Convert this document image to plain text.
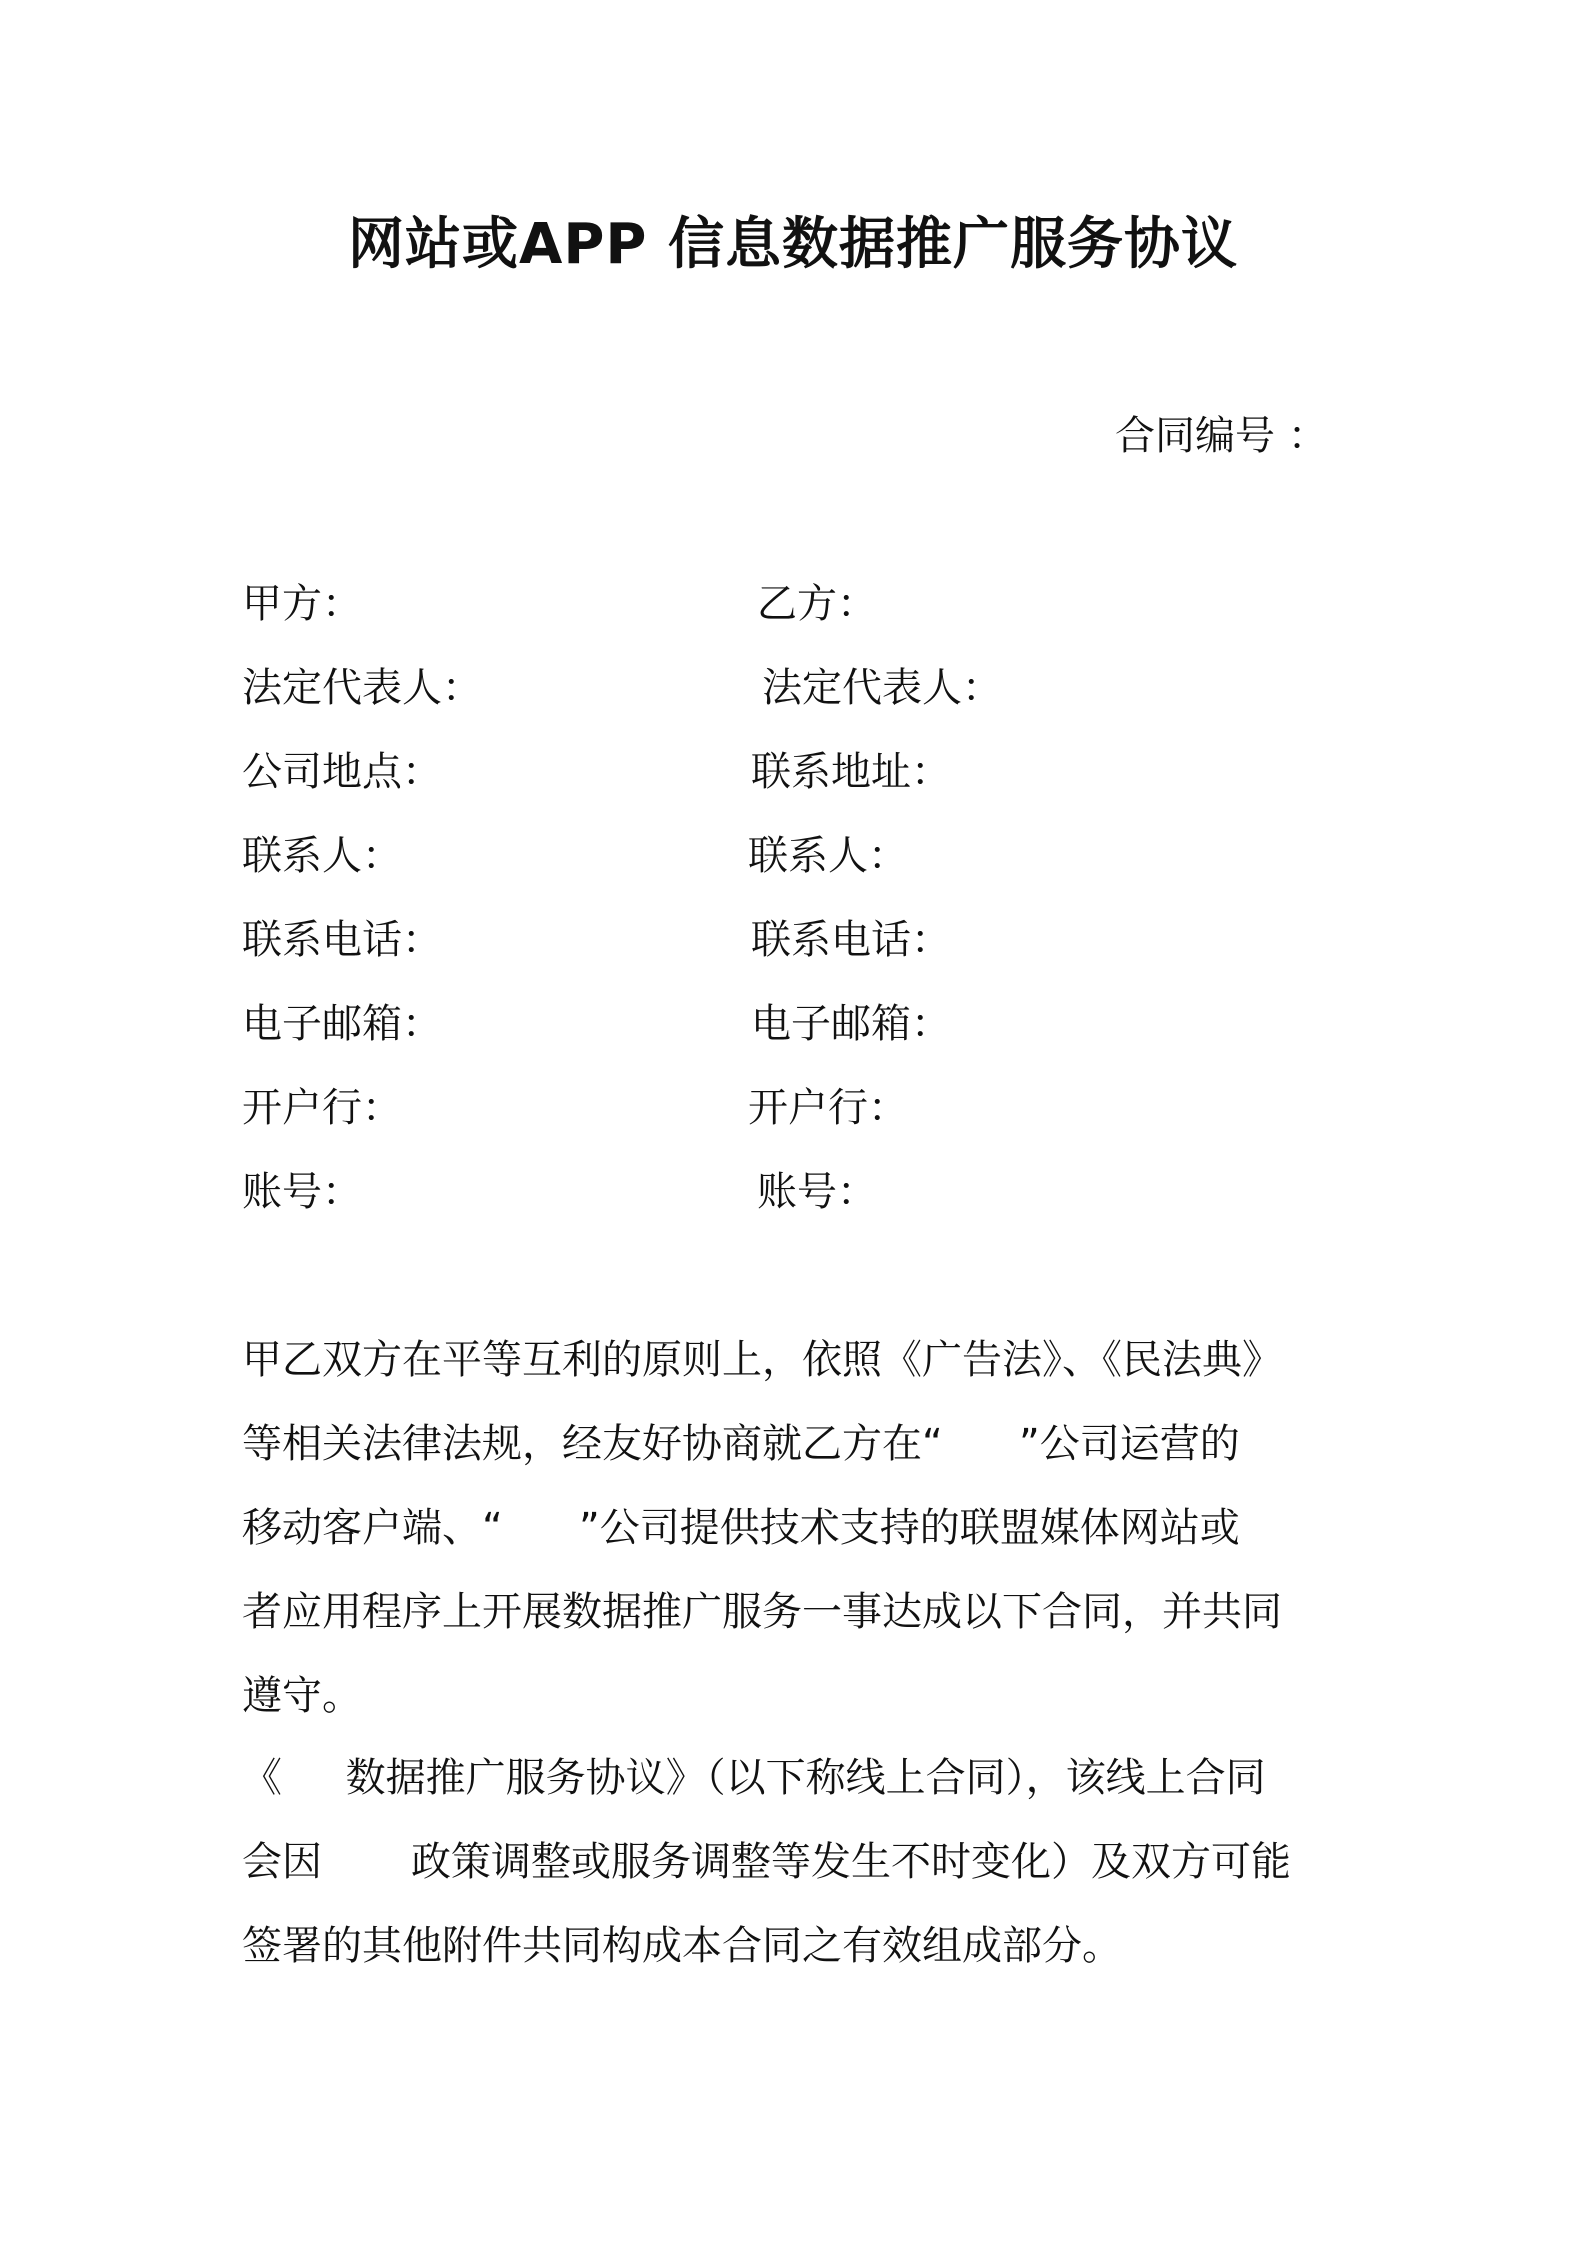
网站或APP 信息数据推广服务协议
合同编号 ：
甲方：
法定代表人：
公司地点：
联系人：
联系电话：
电子邮箱：
开户行：
账号：
乙方：
法定代表人：
联系地址：
联系人：
联系电话：
电子邮箱：
开户行：
账号：
甲乙双方在平等互利的原则上，依照《广告法》、《民法典》
等相关法律法规，经友好协商就乙方在“      ”公司运营的
移动客户端、“      ”公司提供技术支持的联盟媒体网站或
者应用程序上开展数据推广服务一事达成以下合同，并共同
遵守。
《     数据推广服务协议》（以下称线上合同），该线上合同
会因       政策调整或服务调整等发生不时变化）及双方可能
签署的其他附件共同构成本合同之有效组成部分。
